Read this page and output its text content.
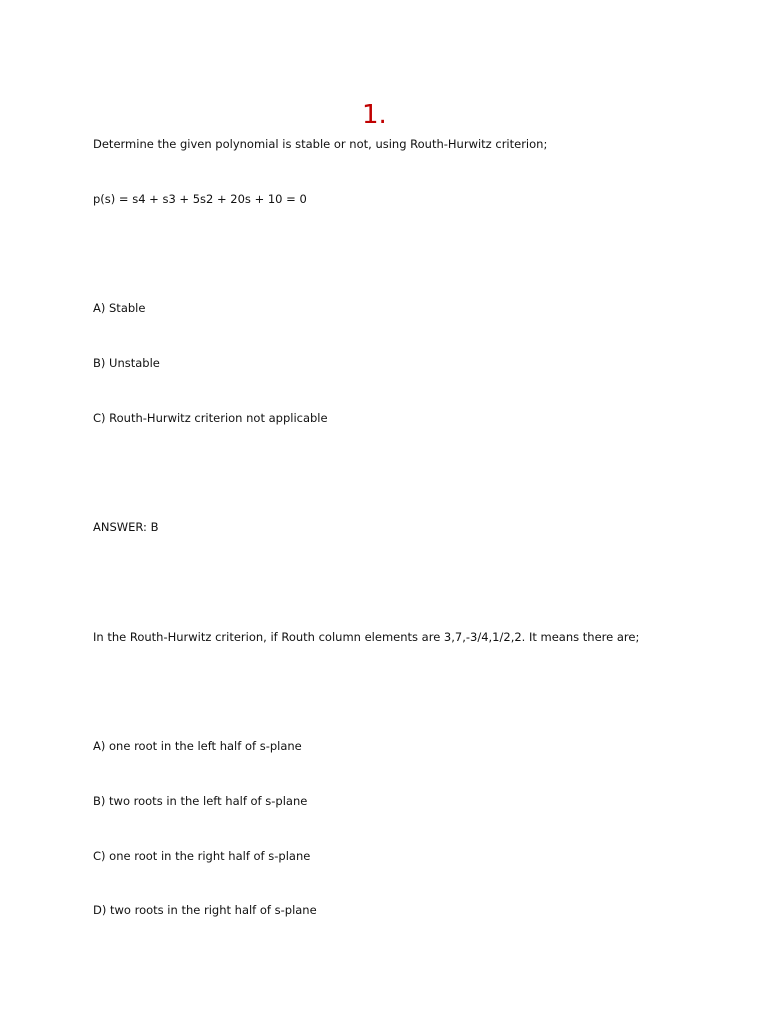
1.
Determine the given polynomial is stable or not, using Routh-Hurwitz criterion;
p(s) = s4 + s3 + 5s2 + 20s + 10 = 0
A) Stable
B) Unstable
C) Routh-Hurwitz criterion not applicable
ANSWER: B
In the Routh-Hurwitz criterion, if Routh column elements are 3,7,-3/4,1/2,2. It means there are;
A) one root in the left half of s-plane
B) two roots in the left half of s-plane
C) one root in the right half of s-plane
D) two roots in the right half of s-plane
